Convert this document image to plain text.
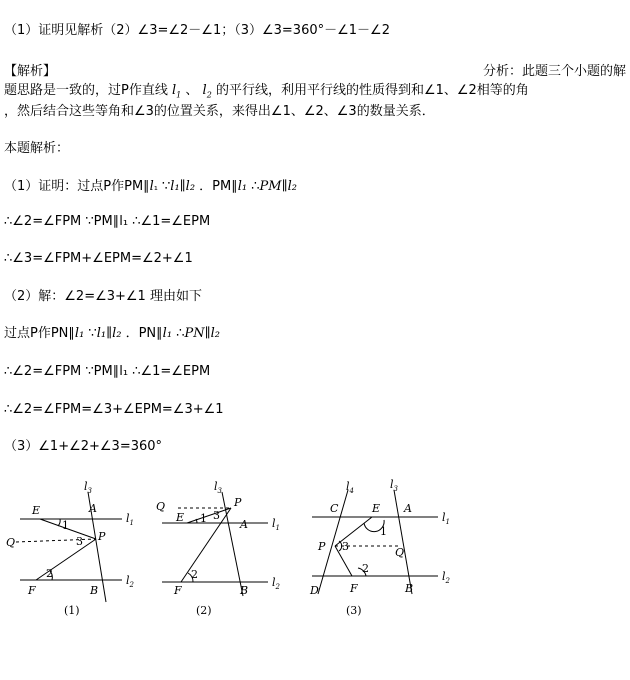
（1）证明见解析（2）∠3=∠2－∠1；（3）∠3=360°－∠1－∠2
【解析】	分析：此题三个小题的解
题思路是一致的，过P作直线 $l_1$ 、 $l_2$ 的平行线，利用平行线的性质得到和∠1、∠2相等的角
，然后结合这些等角和∠3的位置关系，来得出∠1、∠2、∠3的数量关系．
本题解析：
（1）证明：过点P作PM∥l₁ ∵l₁∥l₂ ．PM∥l₁ ∴PM∥l₂
∴∠2=∠FPM ∵PM∥l₁ ∴∠1=∠EPM
∴∠3=∠FPM+∠EPM=∠2+∠1
（2）解：∠2=∠3+∠1 理由如下
过点P作PN∥l₁ ∵l₁∥l₂ ．PN∥l₁ ∴PN∥l₂
∴∠2=∠FPM ∵PM∥l₁ ∴∠1=∠EPM
∴∠2=∠FPM=∠3+∠EPM=∠3+∠1
（3）∠1+∠2+∠3=360°
E	A
$l_3$
$l_1$
Q	P
F	B
$l_2$
1
2
3
(1)
Q	P
$l_3$
E
A $l_1$
F	B
$l_2$
1
2
3
(2)
$l_4$	$l_3$
C	E A
$l_1$
P	Q
D	F	B
$l_2$
1
2
3
(3)
